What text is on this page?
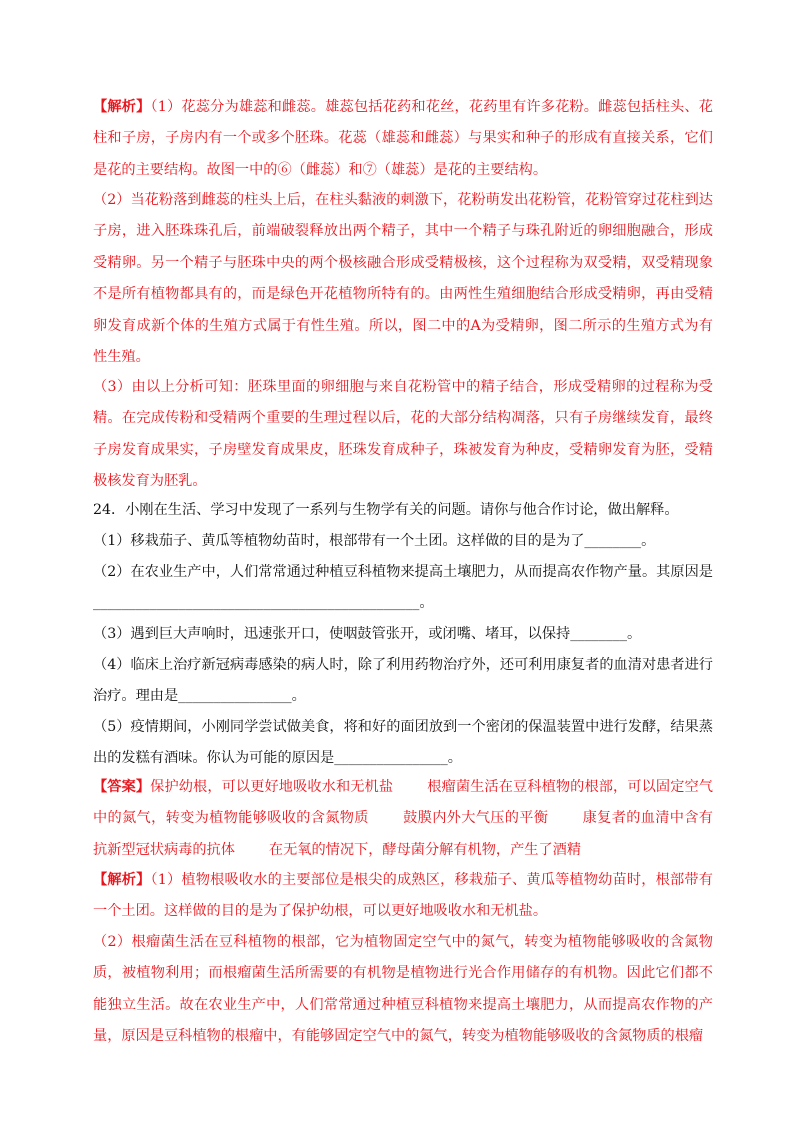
【解析】（1）花蕊分为雄蕊和雌蕊。雄蕊包括花药和花丝，花药里有许多花粉。雌蕊包括柱头、花柱和子房，子房内有一个或多个胚珠。花蕊（雄蕊和雌蕊）与果实和种子的形成有直接关系，它们是花的主要结构。故图一中的⑥（雌蕊）和⑦（雄蕊）是花的主要结构。

（2）当花粉落到雌蕊的柱头上后，在柱头黏液的刺激下，花粉萌发出花粉管，花粉管穿过花柱到达子房，进入胚珠珠孔后，前端破裂释放出两个精子，其中一个精子与珠孔附近的卵细胞融合，形成受精卵。另一个精子与胚珠中央的两个极核融合形成受精极核，这个过程称为双受精，双受精现象不是所有植物都具有的，而是绿色开花植物所特有的。由两性生殖细胞结合形成受精卵，再由受精卵发育成新个体的生殖方式属于有性生殖。所以，图二中的A为受精卵，图二所示的生殖方式为有性生殖。

（3）由以上分析可知：胚珠里面的卵细胞与来自花粉管中的精子结合，形成受精卵的过程称为受精。在完成传粉和受精两个重要的生理过程以后，花的大部分结构凋落，只有子房继续发育，最终子房发育成果实，子房壁发育成果皮，胚珠发育成种子，珠被发育为种皮，受精卵发育为胚，受精极核发育为胚乳。

24．小刚在生活、学习中发现了一系列与生物学有关的问题。请你与他合作讨论，做出解释。

（1）移栽茄子、黄瓜等植物幼苗时，根部带有一个土团。这样做的目的是为了________。

（2）在农业生产中，人们常常通过种植豆科植物来提高土壤肥力，从而提高农作物产量。其原因是______________________________________________。

（3）遇到巨大声响时，迅速张开口，使咽鼓管张开，或闭嘴、堵耳，以保持________。

（4）临床上治疗新冠病毒感染的病人时，除了利用药物治疗外，还可利用康复者的血清对患者进行治疗。理由是________________。

（5）疫情期间，小刚同学尝试做美食，将和好的面团放到一个密闭的保温装置中进行发酵，结果蒸出的发糕有酒味。你认为可能的原因是________________。

【答案】保护幼根，可以更好地吸收水和无机盐 根瘤菌生活在豆科植物的根部，可以固定空气中的氮气，转变为植物能够吸收的含氮物质 鼓膜内外大气压的平衡 康复者的血清中含有抗新型冠状病毒的抗体 在无氧的情况下，酵母菌分解有机物，产生了酒精

【解析】（1）植物根吸收水的主要部位是根尖的成熟区，移栽茄子、黄瓜等植物幼苗时，根部带有一个土团。这样做的目的是为了保护幼根，可以更好地吸收水和无机盐。

（2）根瘤菌生活在豆科植物的根部，它为植物固定空气中的氮气，转变为植物能够吸收的含氮物质，被植物利用；而根瘤菌生活所需要的有机物是植物进行光合作用储存的有机物。因此它们都不能独立生活。故在农业生产中，人们常常通过种植豆科植物来提高土壤肥力，从而提高农作物的产量，原因是豆科植物的根瘤中，有能够固定空气中的氮气，转变为植物能够吸收的含氮物质的根瘤
